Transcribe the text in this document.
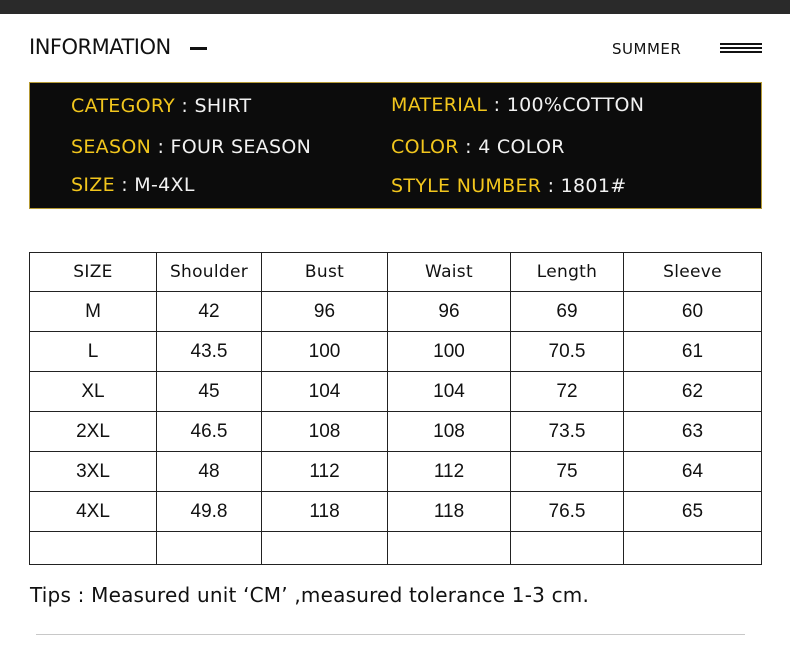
INFORMATION	SUMMER
CATEGORY : SHIRT	MATERIAL : 100%COTTON
SEASON : FOUR SEASON	COLOR : 4 COLOR
SIZE : M-4XL	STYLE NUMBER : 1801#
SIZE	Shoulder	Bust	Waist	Length	Sleeve
M	42	96	96	69	60
L	43.5	100	100	70.5	61
XL	45	104	104	72	62
2XL	46.5	108	108	73.5	63
3XL	48	112	112	75	64
4XL	49.8	118	118	76.5	65

Tips : Measured unit ‘CM’ ,measured tolerance 1-3 cm.
